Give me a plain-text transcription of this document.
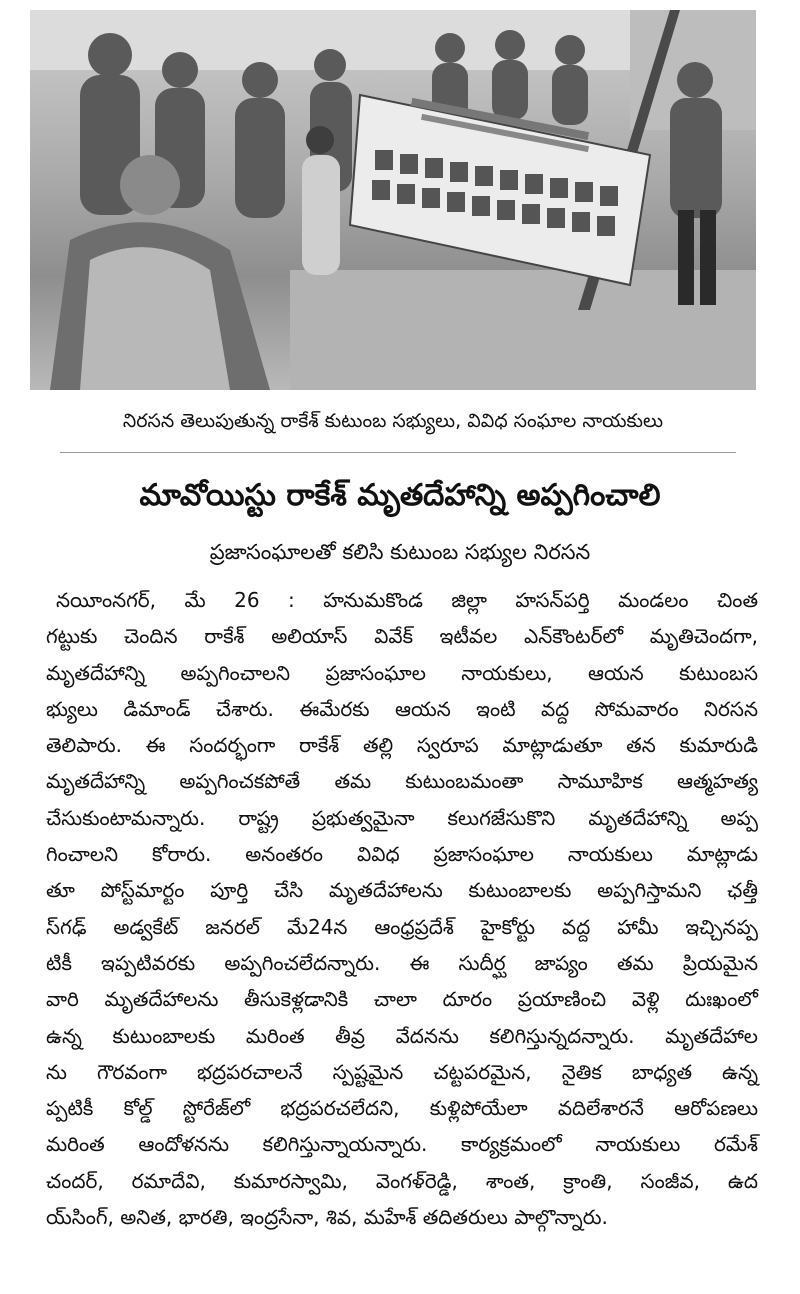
నిరసన తెలుపుతున్న రాకేశ్ కుటుంబ సభ్యులు, వివిధ సంఘాల నాయకులు
మావోయిస్టు రాకేశ్ మృతదేహాన్ని అప్పగించాలి
ప్రజాసంఘాలతో కలిసి కుటుంబ సభ్యుల నిరసన
నయీంనగర్, మే 26 : హనుమకొండ జిల్లా హసన్‌పర్తి మండలం చింత
గట్టుకు చెందిన రాకేశ్ అలియాస్ వివేక్ ఇటీవల ఎన్‌కౌంటర్‌లో మృతిచెందగా,
మృతదేహాన్ని అప్పగించాలని ప్రజాసంఘాల నాయకులు, ఆయన కుటుంబస
భ్యులు డిమాండ్ చేశారు. ఈమేరకు ఆయన ఇంటి వద్ద సోమవారం నిరసన
తెలిపారు. ఈ సందర్భంగా రాకేశ్ తల్లి స్వరూప మాట్లాడుతూ తన కుమారుడి
మృతదేహాన్ని అప్పగించకపోతే తమ కుటుంబమంతా సామూహిక ఆత్మహత్య
చేసుకుంటామన్నారు. రాష్ట్ర ప్రభుత్వమైనా కలుగజేసుకొని మృతదేహాన్ని అప్ప
గించాలని కోరారు. అనంతరం వివిధ ప్రజాసంఘాల నాయకులు మాట్లాడు
తూ పోస్ట్‌మార్టం పూర్తి చేసి మృతదేహాలను కుటుంబాలకు అప్పగిస్తామని ఛత్తీ
స్‌గఢ్ అడ్వకేట్ జనరల్ మే24న ఆంధ్రప్రదేశ్ హైకోర్టు వద్ద హామీ ఇచ్చినప్ప
టికీ ఇప్పటివరకు అప్పగించలేదన్నారు. ఈ సుదీర్ఘ జాప్యం తమ ప్రియమైన
వారి మృతదేహాలను తీసుకెళ్లడానికి చాలా దూరం ప్రయాణించి వెళ్లి దుఃఖంలో
ఉన్న కుటుంబాలకు మరింత తీవ్ర వేదనను కలిగిస్తున్నదన్నారు. మృతదేహాల
ను గౌరవంగా భద్రపరచాలనే స్పష్టమైన చట్టపరమైన, నైతిక బాధ్యత ఉన్న
ప్పటికీ కోల్డ్ స్టోరేజ్‌లో భద్రపరచలేదని, కుళ్లిపోయేలా వదిలేశారనే ఆరోపణలు
మరింత ఆందోళనను కలిగిస్తున్నాయన్నారు. కార్యక్రమంలో నాయకులు రమేశ్
చందర్, రమాదేవి, కుమారస్వామి, వెంగళ్‌రెడ్డి, శాంత, క్రాంతి, సంజీవ, ఉద
య్‌సింగ్, అనిత, భారతి, ఇంద్రసేనా, శివ, మహేశ్ తదితరులు పాల్గొన్నారు.
